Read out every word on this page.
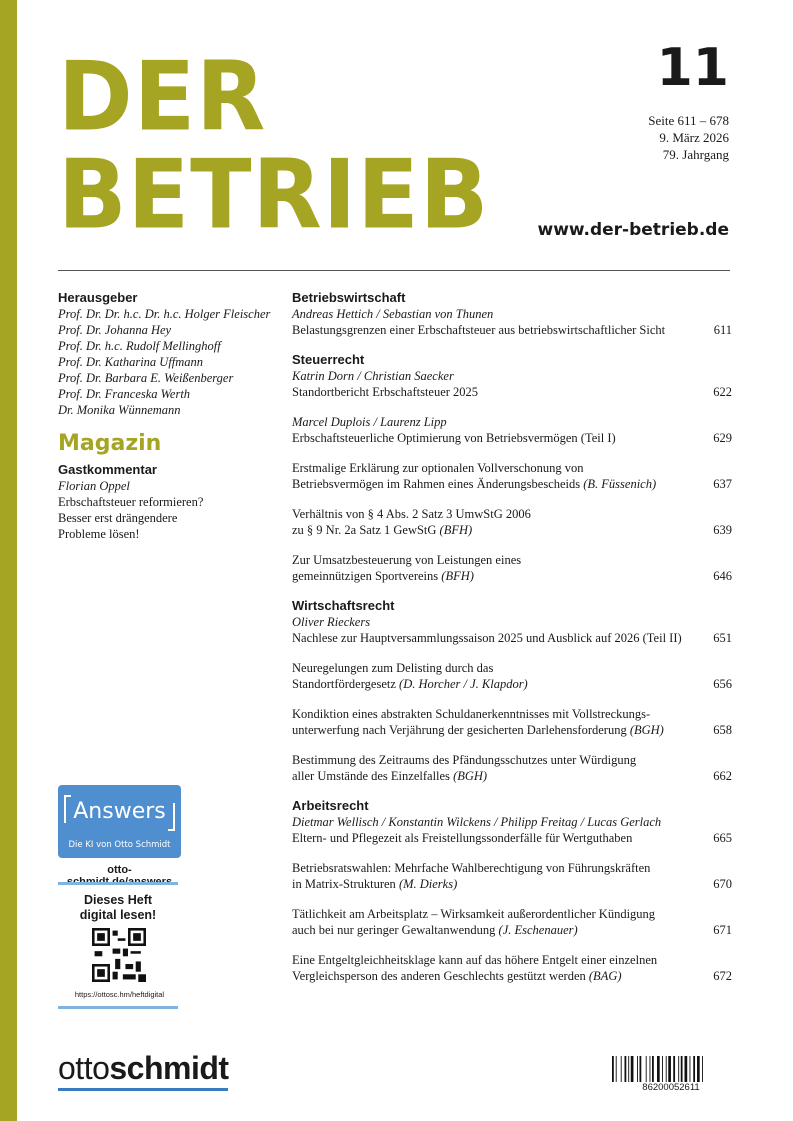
DER
BETRIEB
11
Seite 611 – 678
9. März 2026
79. Jahrgang
www.der-betrieb.de
Herausgeber
Prof. Dr. Dr. h.c. Dr. h.c. Holger Fleischer
Prof. Dr. Johanna Hey
Prof. Dr. h.c. Rudolf Mellinghoff
Prof. Dr. Katharina Uffmann
Prof. Dr. Barbara E. Weißenberger
Prof. Dr. Franceska Werth
Dr. Monika Wünnemann
Magazin
Gastkommentar
Florian Oppel
Erbschaftsteuer reformieren?
Besser erst drängendere
Probleme lösen!
Answers
Die KI von Otto Schmidt
otto-
Dieses Heft
digital lesen!
https://ottosc.hm/heftdigital
ottoschmidt
Betriebswirtschaft
Andreas Hettich / Sebastian von Thunen
Belastungsgrenzen einer Erbschaftsteuer aus betriebswirtschaftlicher Sicht	611
Steuerrecht
Katrin Dorn / Christian Saecker
Standortbericht Erbschaftsteuer 2025	622
Marcel Duplois / Laurenz Lipp
Erbschaftsteuerliche Optimierung von Betriebsvermögen (Teil I)	629
Erstmalige Erklärung zur optionalen Vollverschonung von
Betriebsvermögen im Rahmen eines Änderungsbescheids (B. Füssenich)	637
Verhältnis von § 4 Abs. 2 Satz 3 UmwStG 2006
zu § 9 Nr. 2a Satz 1 GewStG (BFH)	639
Zur Umsatzbesteuerung von Leistungen eines
gemeinnützigen Sportvereins (BFH)	646
Wirtschaftsrecht
Oliver Rieckers
Nachlese zur Hauptversammlungssaison 2025 und Ausblick auf 2026 (Teil II)	651
Neuregelungen zum Delisting durch das
Standortfördergesetz (D. Horcher / J. Klapdor)	656
Kondiktion eines abstrakten Schuldanerkenntnisses mit Vollstreckungs-
unterwerfung nach Verjährung der gesicherten Darlehensforderung (BGH)	658
Bestimmung des Zeitraums des Pfändungsschutzes unter Würdigung
aller Umstände des Einzelfalles (BGH)	662
Arbeitsrecht
Dietmar Wellisch / Konstantin Wilckens / Philipp Freitag / Lucas Gerlach
Eltern- und Pflegezeit als Freistellungssonderfälle für Wertguthaben	665
Betriebsratswahlen: Mehrfache Wahlberechtigung von Führungskräften
in Matrix-Strukturen (M. Dierks)	670
Tätlichkeit am Arbeitsplatz – Wirksamkeit außerordentlicher Kündigung
auch bei nur geringer Gewaltanwendung (J. Eschenauer)	671
Eine Entgeltgleichheitsklage kann auf das höhere Entgelt einer einzelnen
Vergleichsperson des anderen Geschlechts gestützt werden (BAG)	672
86200052611
